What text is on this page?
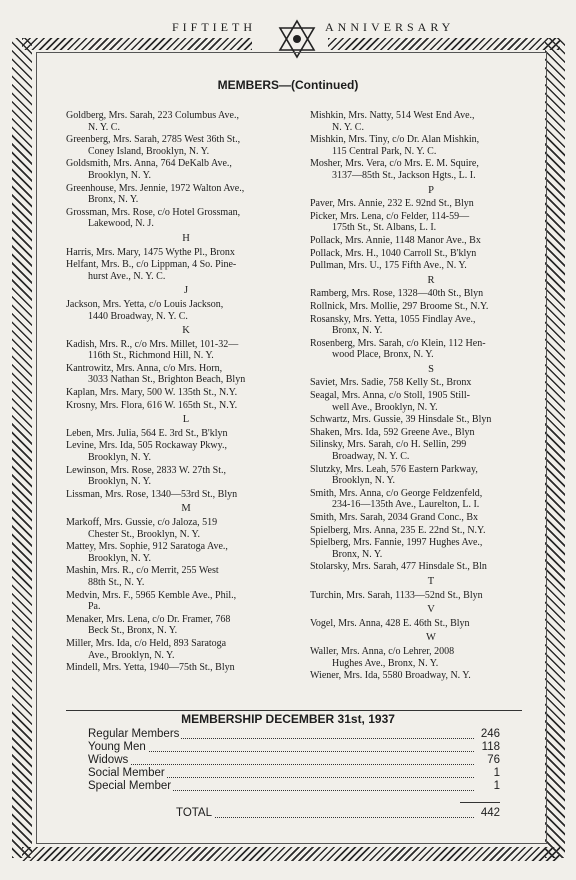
FIFTIETH	ANNIVERSARY
MEMBERS—(Continued)
Goldberg, Mrs. Sarah, 223 Columbus Ave.,
N. Y. C.
Greenberg, Mrs. Sarah, 2785 West 36th St.,
Coney Island, Brooklyn, N. Y.
Goldsmith, Mrs. Anna, 764 DeKalb Ave.,
Brooklyn, N. Y.
Greenhouse, Mrs. Jennie, 1972 Walton Ave.,
Bronx, N. Y.
Grossman, Mrs. Rose, c/o Hotel Grossman,
Lakewood, N. J.
H
Harris, Mrs. Mary, 1475 Wythe Pl., Bronx
Helfant, Mrs. B., c/o Lippman, 4 So. Pine-
hurst Ave., N. Y. C.
J
Jackson, Mrs. Yetta, c/o Louis Jackson,
1440 Broadway, N. Y. C.
K
Kadish, Mrs. R., c/o Mrs. Millet, 101-32—
116th St., Richmond Hill, N. Y.
Kantrowitz, Mrs. Anna, c/o Mrs. Horn,
3033 Nathan St., Brighton Beach, Blyn
Kaplan, Mrs. Mary, 500 W. 135th St., N.Y.
Krosny, Mrs. Flora, 616 W. 165th St., N.Y.
L
Leben, Mrs. Julia, 564 E. 3rd St., B'klyn
Levine, Mrs. Ida, 505 Rockaway Pkwy.,
Brooklyn, N. Y.
Lewinson, Mrs. Rose, 2833 W. 27th St.,
Brooklyn, N. Y.
Lissman, Mrs. Rose, 1340—53rd St., Blyn
M
Markoff, Mrs. Gussie, c/o Jaloza, 519
Chester St., Brooklyn, N. Y.
Mattey, Mrs. Sophie, 912 Saratoga Ave.,
Brooklyn, N. Y.
Mashin, Mrs. R., c/o Merrit, 255 West
88th St., N. Y.
Medvin, Mrs. F., 5965 Kemble Ave., Phil.,
Pa.
Menaker, Mrs. Lena, c/o Dr. Framer, 768
Beck St., Bronx, N. Y.
Miller, Mrs. Ida, c/o Held, 893 Saratoga
Ave., Brooklyn, N. Y.
Mindell, Mrs. Yetta, 1940—75th St., Blyn
Mishkin, Mrs. Natty, 514 West End Ave.,
N. Y. C.
Mishkin, Mrs. Tiny, c/o Dr. Alan Mishkin,
115 Central Park, N. Y. C.
Mosher, Mrs. Vera, c/o Mrs. E. M. Squire,
3137—85th St., Jackson Hgts., L. I.
P
Paver, Mrs. Annie, 232 E. 92nd St., Blyn
Picker, Mrs. Lena, c/o Felder, 114-59—
175th St., St. Albans, L. I.
Pollack, Mrs. Annie, 1148 Manor Ave., Bx
Pollack, Mrs. H., 1040 Carroll St., B'klyn
Pullman, Mrs. U., 175 Fifth Ave., N. Y.
R
Ramberg, Mrs. Rose, 1328—40th St., Blyn
Rollnick, Mrs. Mollie, 297 Broome St., N.Y.
Rosansky, Mrs. Yetta, 1055 Findlay Ave.,
Bronx, N. Y.
Rosenberg, Mrs. Sarah, c/o Klein, 112 Hen-
wood Place, Bronx, N. Y.
S
Saviet, Mrs. Sadie, 758 Kelly St., Bronx
Seagal, Mrs. Anna, c/o Stoll, 1905 Still-
well Ave., Brooklyn, N. Y.
Schwartz, Mrs. Gussie, 39 Hinsdale St., Blyn
Shaken, Mrs. Ida, 592 Greene Ave., Blyn
Silinsky, Mrs. Sarah, c/o H. Sellin, 299
Broadway, N. Y. C.
Slutzky, Mrs. Leah, 576 Eastern Parkway,
Brooklyn, N. Y.
Smith, Mrs. Anna, c/o George Feldzenfeld,
234-16—135th Ave., Laurelton, L. I.
Smith, Mrs. Sarah, 2034 Grand Conc., Bx
Spielberg, Mrs. Anna, 235 E. 22nd St., N.Y.
Spielberg, Mrs. Fannie, 1997 Hughes Ave.,
Bronx, N. Y.
Stolarsky, Mrs. Sarah, 477 Hinsdale St., Bln
T
Turchin, Mrs. Sarah, 1133—52nd St., Blyn
V
Vogel, Mrs. Anna, 428 E. 46th St., Blyn
W
Waller, Mrs. Anna, c/o Lehrer, 2008
Hughes Ave., Bronx, N. Y.
Wiener, Mrs. Ida, 5580 Broadway, N. Y.
MEMBERSHIP DECEMBER 31st, 1937
Regular Members	246
Young Men	118
Widows	76
Social Member	1
Special Member	1
TOTAL	442
